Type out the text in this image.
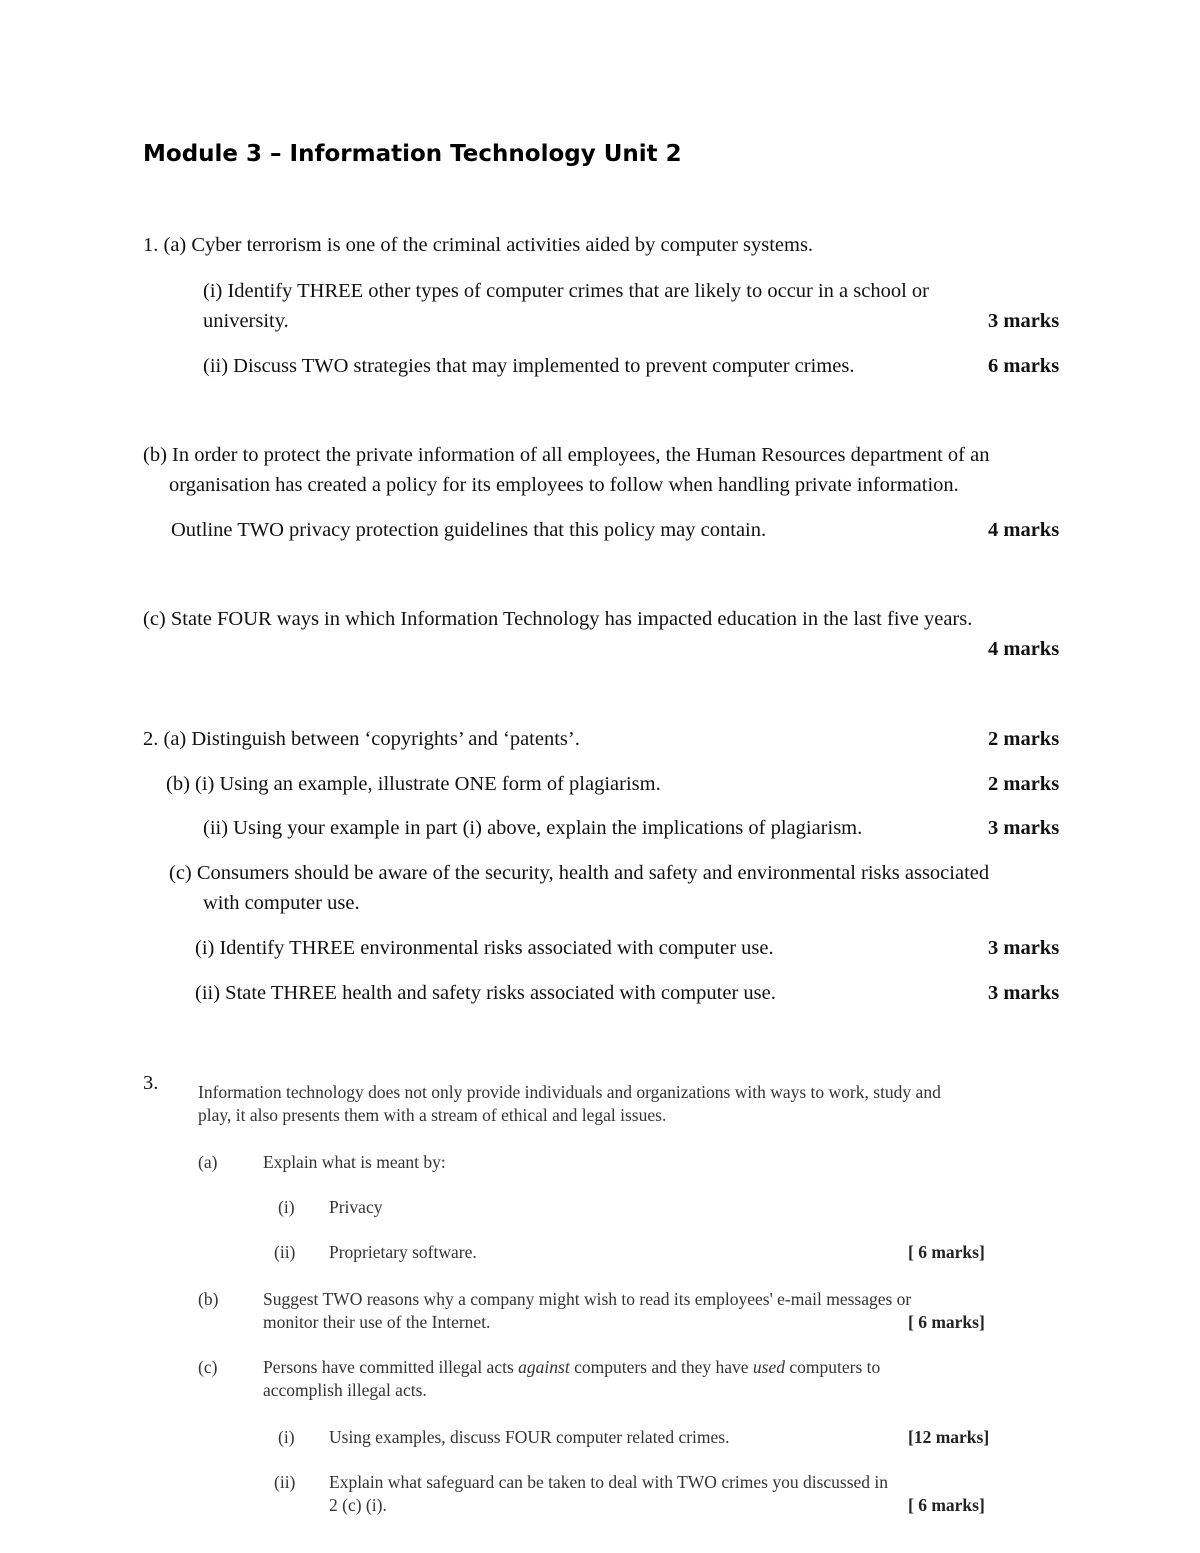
Module 3 – Information Technology Unit 2
1. (a) Cyber terrorism is one of the criminal activities aided by computer systems.
(i) Identify THREE other types of computer crimes that are likely to occur in a school or
university.	3 marks
(ii) Discuss TWO strategies that may implemented to prevent computer crimes.	6 marks
(b) In order to protect the private information of all employees, the Human Resources department of an
organisation has created a policy for its employees to follow when handling private information.
Outline TWO privacy protection guidelines that this policy may contain.	4 marks
(c) State FOUR ways in which Information Technology has impacted education in the last five years.
4 marks
2. (a) Distinguish between ‘copyrights’ and ‘patents’.	2 marks
(b) (i) Using an example, illustrate ONE form of plagiarism.	2 marks
(ii) Using your example in part (i) above, explain the implications of plagiarism.	3 marks
(c) Consumers should be aware of the security, health and safety and environmental risks associated
with computer use.
(i) Identify THREE environmental risks associated with computer use.	3 marks
(ii) State THREE health and safety risks associated with computer use.	3 marks
3. Information technology does not only provide individuals and organizations with ways to work, study and
play, it also presents them with a stream of ethical and legal issues.
(a)	Explain what is meant by:
(i) Privacy
(ii) Proprietary software.	[ 6 marks]
(b)	Suggest TWO reasons why a company might wish to read its employees' e-mail messages or
monitor their use of the Internet.	[ 6 marks]
(c)	Persons have committed illegal acts against computers and they have used computers to
accomplish illegal acts.
(i) Using examples, discuss FOUR computer related crimes.	[12 marks]
(ii) Explain what safeguard can be taken to deal with TWO crimes you discussed in
2 (c) (i).	[ 6 marks]
